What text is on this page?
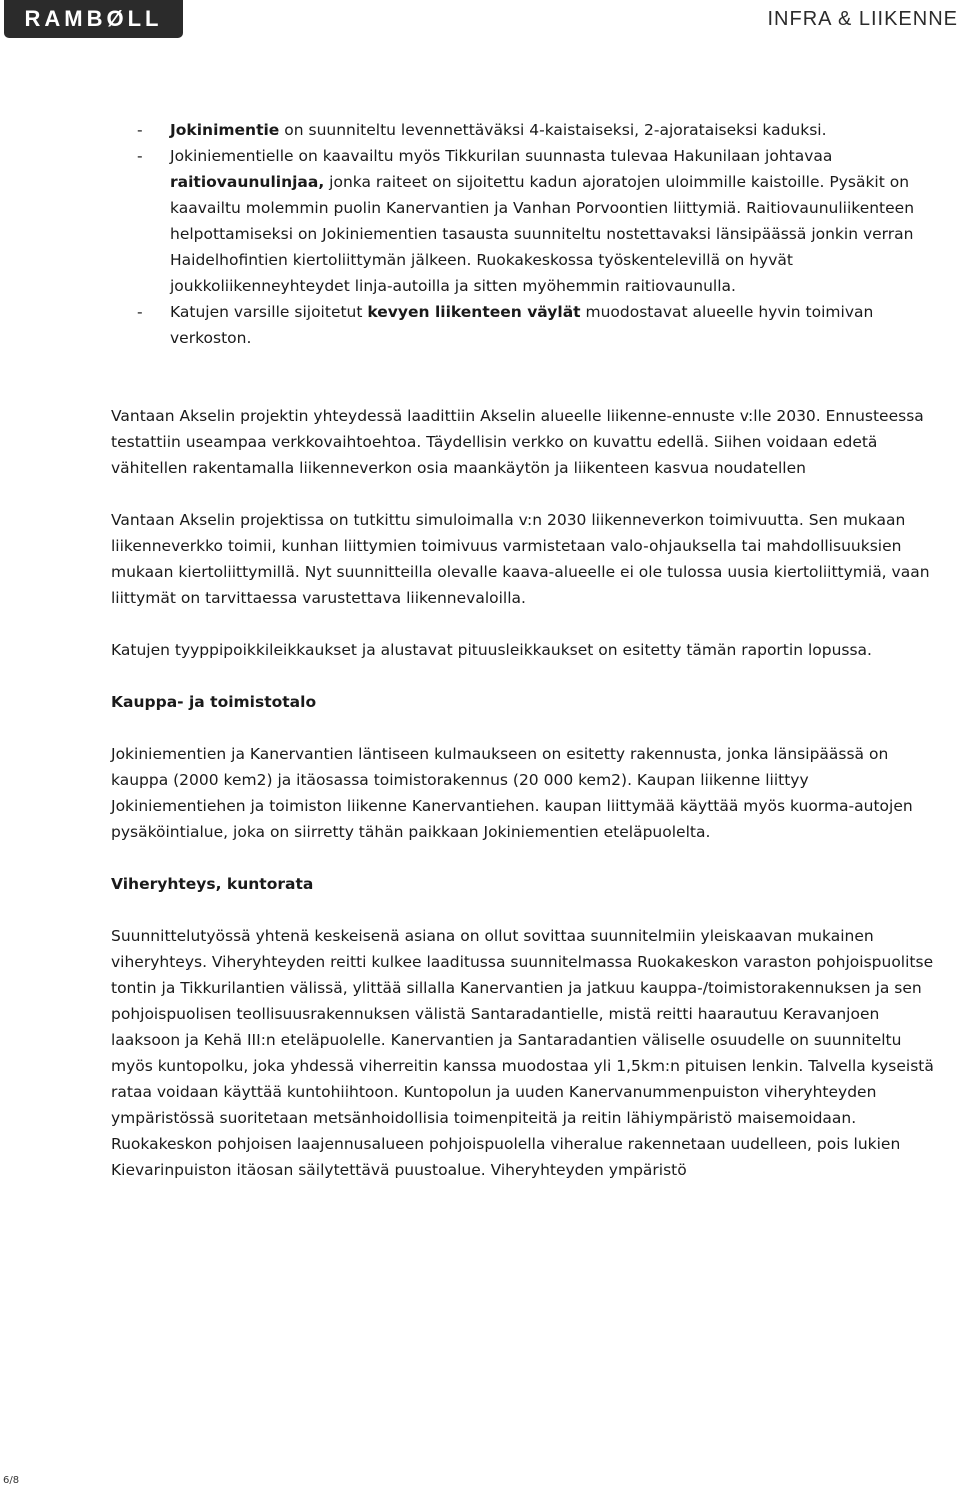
RAMBØLL	INFRA & LIIKENNE
- Jokinimentie on suunniteltu levennettäväksi 4-kaistaiseksi, 2-ajorataiseksi kaduksi.
- Jokiniementielle on kaavailtu myös Tikkurilan suunnasta tulevaa Hakunilaan johtavaa raitiovaunulinjaa, jonka raiteet on sijoitettu kadun ajoratojen uloimmille kaistoille. Pysäkit on kaavailtu molemmin puolin Kanervantien ja Vanhan Porvoontien liittymiä. Raitiovaunuliikenteen helpottamiseksi on Jokiniementien tasausta suunniteltu nostettavaksi länsipäässä jonkin verran Haidelhofintien kiertoliittymän jälkeen. Ruokakeskossa työskentelevillä on hyvät joukkoliikenneyhteydet linja-autoilla ja sitten myöhemmin raitiovaunulla.
- Katujen varsille sijoitetut kevyen liikenteen väylät muodostavat alueelle hyvin toimivan verkoston.

Vantaan Akselin projektin yhteydessä laadittiin Akselin alueelle liikenne-ennuste v:lle 2030. Ennusteessa testattiin useampaa verkkovaihtoehtoa. Täydellisin verkko on kuvattu edellä. Siihen voidaan edetä vähitellen rakentamalla liikenneverkon osia maankäytön ja liikenteen kasvua noudatellen

Vantaan Akselin projektissa on tutkittu simuloimalla v:n 2030 liikenneverkon toimivuutta. Sen mukaan liikenneverkko toimii, kunhan liittymien toimivuus varmistetaan valo-ohjauksella tai mahdollisuuksien mukaan kiertoliittymillä. Nyt suunnitteilla olevalle kaava-alueelle ei ole tulossa uusia kiertoliittymiä, vaan liittymät on tarvittaessa varustettava liikennevaloilla.

Katujen tyyppipoikkileikkaukset ja alustavat pituusleikkaukset on esitetty tämän raportin lopussa.

Kauppa- ja toimistotalo

Jokiniementien ja Kanervantien läntiseen kulmaukseen on esitetty rakennusta, jonka länsipäässä on kauppa (2000 kem2) ja itäosassa toimistorakennus (20 000 kem2). Kaupan liikenne liittyy Jokiniementiehen ja toimiston liikenne Kanervantiehen. kaupan liittymää käyttää myös kuorma-autojen pysäköintialue, joka on siirretty tähän paikkaan Jokiniementien eteläpuolelta.

Viheryhteys, kuntorata

Suunnittelutyössä yhtenä keskeisenä asiana on ollut sovittaa suunnitelmiin yleiskaavan mukainen viheryhteys. Viheryhteyden reitti kulkee laaditussa suunnitelmassa Ruokakeskon varaston pohjoispuolitse tontin ja Tikkurilantien välissä, ylittää sillalla Kanervantien ja jatkuu kauppa-/toimistorakennuksen ja sen pohjoispuolisen teollisuusrakennuksen välistä Santaradantielle, mistä reitti haarautuu Keravanjoen laaksoon ja Kehä III:n eteläpuolelle. Kanervantien ja Santaradantien väliselle osuudelle on suunniteltu myös kuntopolku, joka yhdessä viherreitin kanssa muodostaa yli 1,5km:n pituisen lenkin. Talvella kyseistä rataa voidaan käyttää kuntohiihtoon. Kuntopolun ja uuden Kanervanummenpuiston viheryhteyden ympäristössä suoritetaan metsänhoidollisia toimenpiteitä ja reitin lähiympäristö maisemoidaan. Ruokakeskon pohjoisen laajennusalueen pohjoispuolella viheralue rakennetaan uudelleen, pois lukien Kievarinpuiston itäosan säilytettävä puustoalue. Viheryhteyden ympäristö

6/8
